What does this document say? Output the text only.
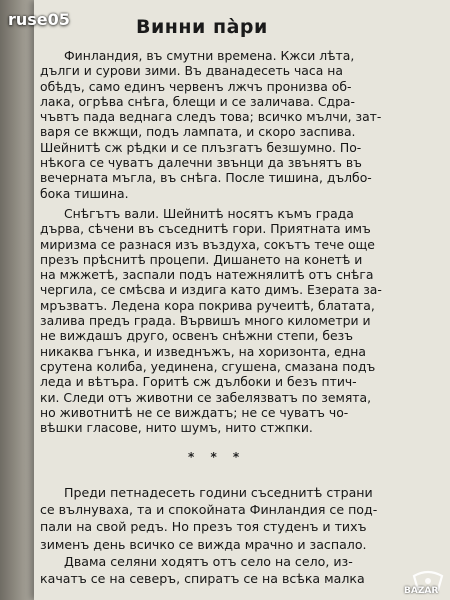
Винни пàри
Финландия, въ смутни времена. Кжси лѣта,
дълги и сурови зими. Въ дванадесеть часа на
обѣдъ, само единъ червенъ лжчъ пронизва об-
лака, огрѣва снѣга, блещи и се заличава. Сдра-
чъвтъ пада веднага следъ това; всичко мълчи, зат-
варя се вкжщи, подъ лампата, и скоро заспива.
Шейнитѣ сж рѣдки и се плъзгатъ безшумно. По-
нѣкога се чуватъ далечни звънци да звънятъ въ
вечерната мъгла, въ снѣга. После тишина, дълбо-
бока тишина.
Снѣгътъ вали. Шейнитѣ носятъ къмъ града
дърва, сѣчени въ съседнитѣ гори. Приятната имъ
миризма се разнася изъ въздуха, сокътъ тече още
презъ прѣснитѣ процепи. Дишането на конетѣ и
на мжжетѣ, заспали подъ натежнялитѣ отъ снѣга
чергила, се смѣсва и издига като димъ. Езерата за-
мръзватъ. Ледена кора покрива ручеитѣ, блатата,
залива предъ града. Вървишъ много километри и
не виждашъ друго, освенъ снѣжни степи, безъ
никаква гънка, и изведнъжъ, на хоризонта, една
срутена колиба, уединена, сгушена, смазана подъ
леда и вѣтъра. Горитѣ сж дълбоки и безъ птич-
ки. Следи отъ животни се забелязватъ по земята,
но животнитѣ не се виждатъ; не се чуватъ чо-
вѣшки гласове, нито шумъ, нито стжпки.
* * *
Преди петнадесеть години съседнитѣ страни
се вълнуваха, та и спокойната Финландия се под-
пали на свой редъ. Но презъ тоя студенъ и тихъ
зименъ день всичко се вижда мрачно и заспало.
Двама селяни ходятъ отъ село на село, из-
качатъ се на северъ, спиратъ се на всѣка малка
ruse05
BAZAR
